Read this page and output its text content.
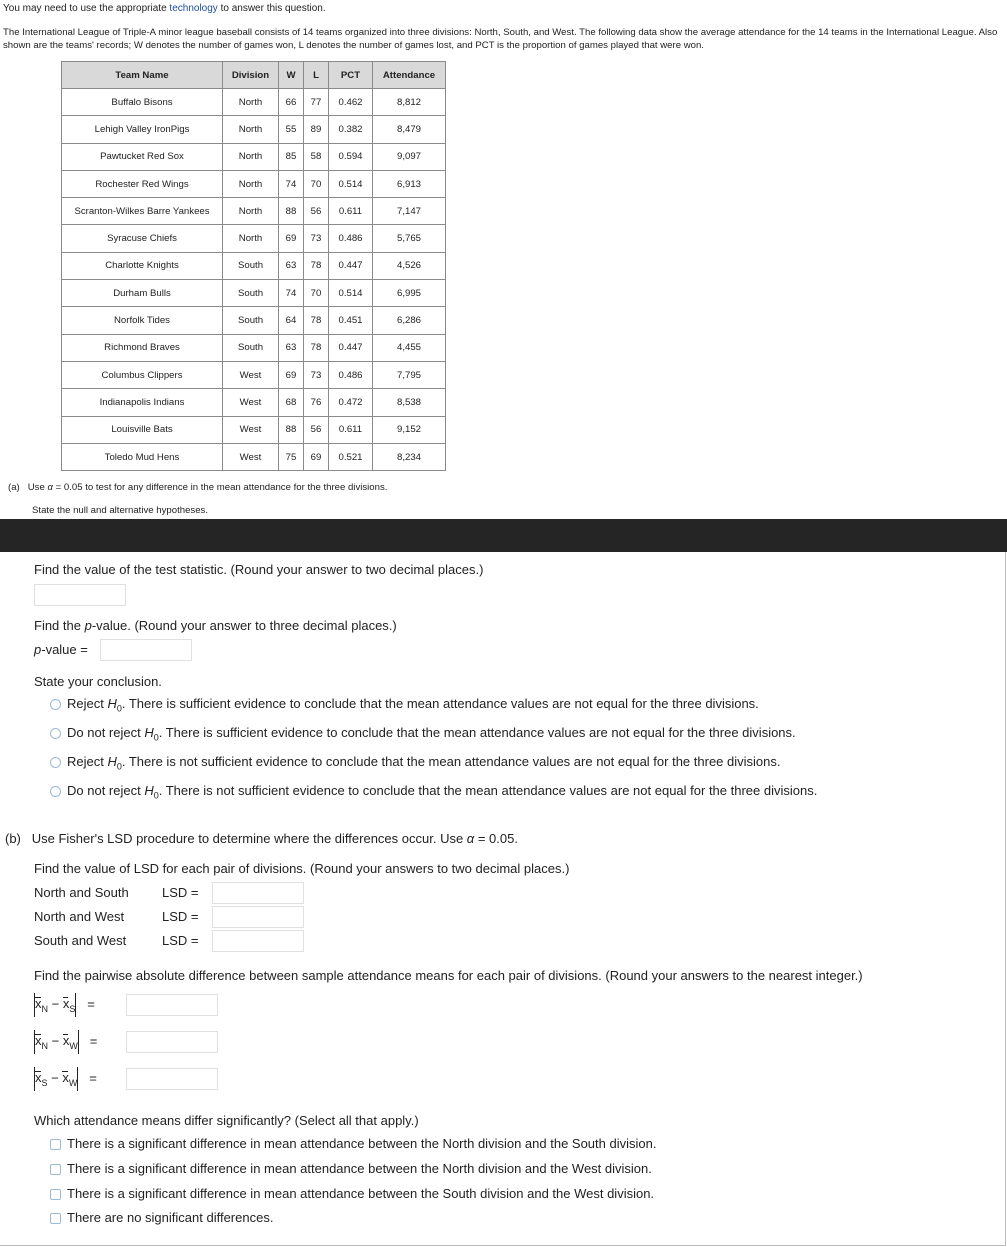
You may need to use the appropriate technology to answer this question.
The International League of Triple-A minor league baseball consists of 14 teams organized into three divisions: North, South, and West. The following data show the average attendance for the 14 teams in the International League. Also shown are the teams' records; W denotes the number of games won, L denotes the number of games lost, and PCT is the proportion of games played that were won.
Team Name	Division	W	L	PCT	Attendance
Buffalo Bisons	North	66	77	0.462	8,812
Lehigh Valley IronPigs	North	55	89	0.382	8,479
Pawtucket Red Sox	North	85	58	0.594	9,097
Rochester Red Wings	North	74	70	0.514	6,913
Scranton-Wilkes Barre Yankees	North	88	56	0.611	7,147
Syracuse Chiefs	North	69	73	0.486	5,765
Charlotte Knights	South	63	78	0.447	4,526
Durham Bulls	South	74	70	0.514	6,995
Norfolk Tides	South	64	78	0.451	6,286
Richmond Braves	South	63	78	0.447	4,455
Columbus Clippers	West	69	73	0.486	7,795
Indianapolis Indians	West	68	76	0.472	8,538
Louisville Bats	West	88	56	0.611	9,152
Toledo Mud Hens	West	75	69	0.521	8,234
(a) Use α = 0.05 to test for any difference in the mean attendance for the three divisions.
State the null and alternative hypotheses.
Find the value of the test statistic. (Round your answer to two decimal places.)
Find the p-value. (Round your answer to three decimal places.)
p-value =
State your conclusion.
Reject $H_0$. There is sufficient evidence to conclude that the mean attendance values are not equal for the three divisions.
Do not reject $H_0$. There is sufficient evidence to conclude that the mean attendance values are not equal for the three divisions.
Reject $H_0$. There is not sufficient evidence to conclude that the mean attendance values are not equal for the three divisions.
Do not reject $H_0$. There is not sufficient evidence to conclude that the mean attendance values are not equal for the three divisions.
(b) Use Fisher's LSD procedure to determine where the differences occur. Use α = 0.05.
Find the value of LSD for each pair of divisions. (Round your answers to two decimal places.)
North and South	LSD =
North and West	LSD =
South and West	LSD =
Find the pairwise absolute difference between sample attendance means for each pair of divisions. (Round your answers to the nearest integer.)
$x_N - x_S$ =
$x_N - x_W$ =
$x_S - x_W$ =
Which attendance means differ significantly? (Select all that apply.)
There is a significant difference in mean attendance between the North division and the South division.
There is a significant difference in mean attendance between the North division and the West division.
There is a significant difference in mean attendance between the South division and the West division.
There are no significant differences.
